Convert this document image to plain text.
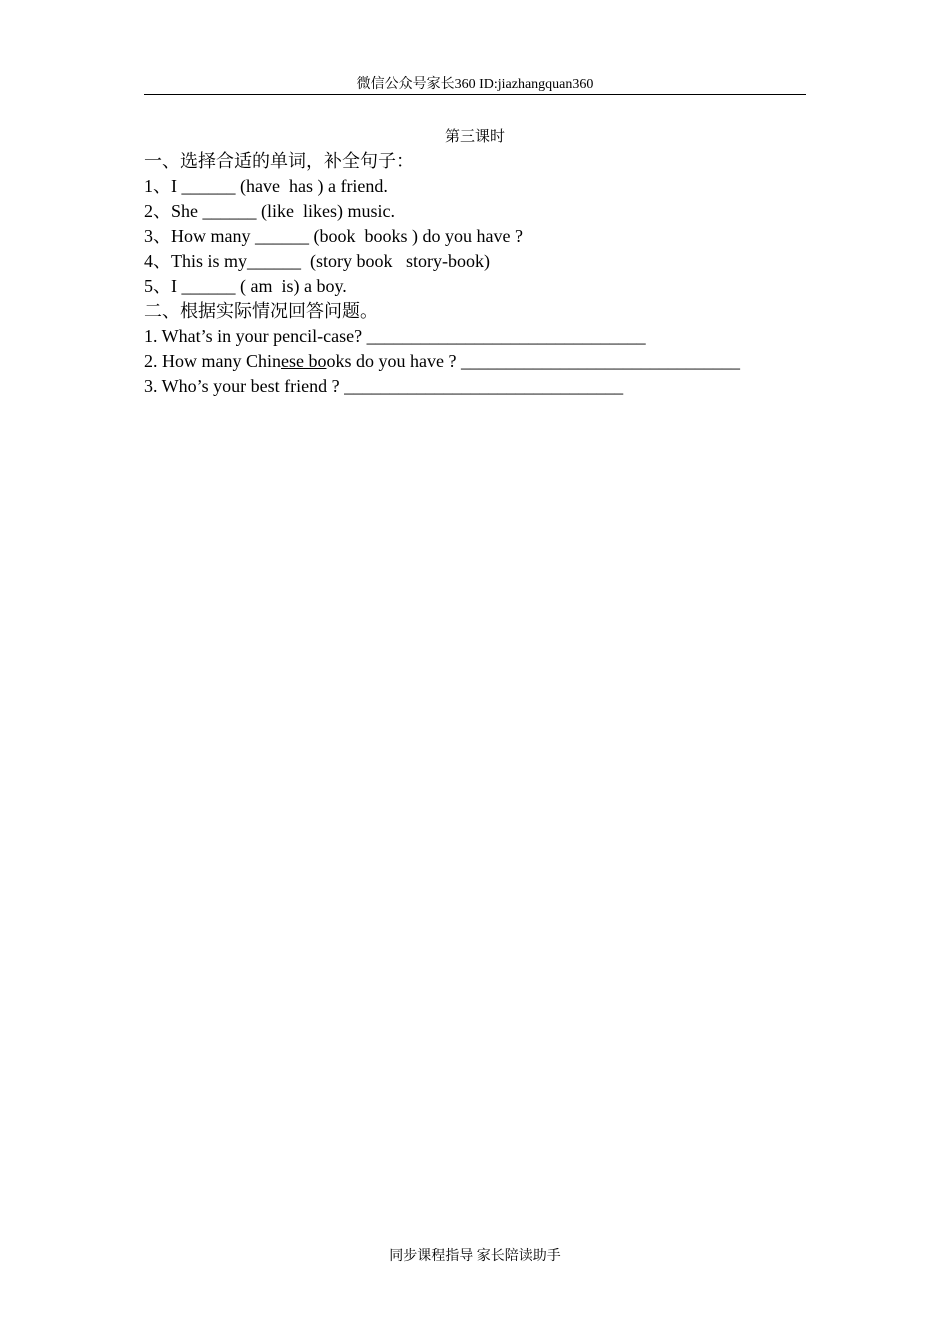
微信公众号家长360 ID:jiazhangquan360
第三课时
一、选择合适的单词，补全句子：
1、I ______ (have  has ) a friend.
2、She ______ (like  likes) music.
3、How many ______ (book  books ) do you have ?
4、This is my______  (story book   story-book)
5、I ______ ( am  is) a boy.
二、根据实际情况回答问题。
1. What’s in your pencil-case? _______________________________
2. How many Chinese books do you have ? _______________________________
3. Who’s your best friend ? _______________________________
同步课程指导 家长陪读助手
